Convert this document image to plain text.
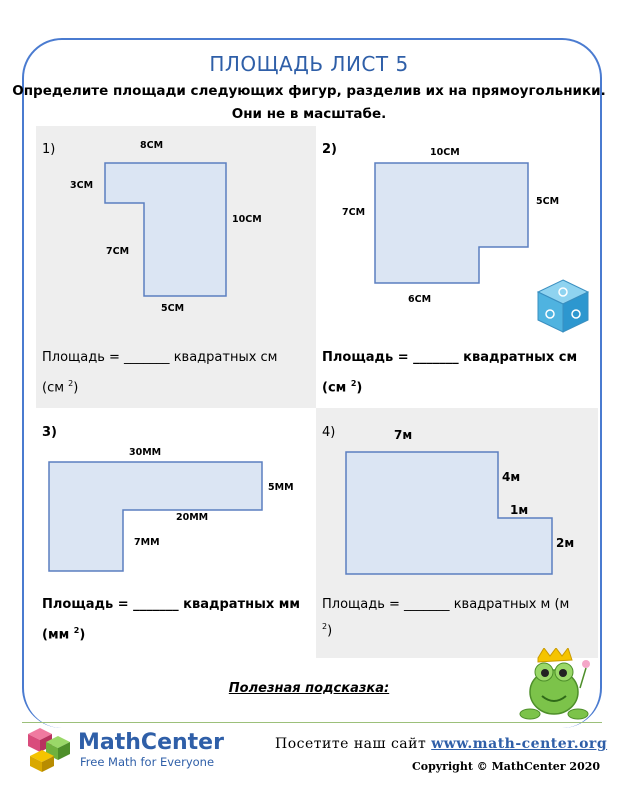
ПЛОЩАДЬ ЛИСТ 5
Определите площади следующих фигур, разделив их на прямоугольники.
Они не в масштабе.
1)	8CM
3CM
7CM
10CM
5CM
Площадь = _______ квадратных см

(см $^2$)
2)	10CM
7CM
5CM
6CM
Площадь = _______ квадратных см

(см $^2$)
3)
30MM
5MM
20MM
7MM
Площадь = _______ квадратных мм

(мм $^2$)
4)	7м
4м
1м
2м
Площадь = _______ квадратных м (м

$^2$)
Полезная подсказка:
MathCenter
Free Math for Everyone
Посетите наш сайт www.math-center.org
Copyright © MathCenter 2020
